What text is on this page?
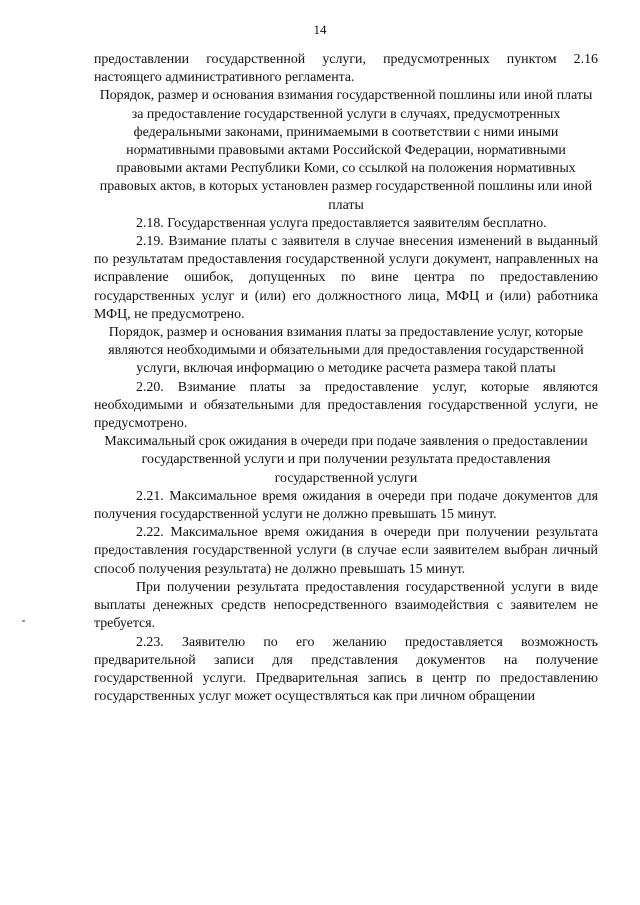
14

предоставлении государственной услуги, предусмотренных пунктом 2.16 настоящего административного регламента.

Порядок, размер и основания взимания государственной пошлины или иной платы за предоставление государственной услуги в случаях, предусмотренных федеральными законами, принимаемыми в соответствии с ними иными нормативными правовыми актами Российской Федерации, нормативными правовыми актами Республики Коми, со ссылкой на положения нормативных правовых актов, в которых установлен размер государственной пошлины или иной платы

2.18. Государственная услуга предоставляется заявителям бесплатно.

2.19. Взимание платы с заявителя в случае внесения изменений в выданный по результатам предоставления государственной услуги документ, направленных на исправление ошибок, допущенных по вине центра по предоставлению государственных услуг и (или) его должностного лица, МФЦ и (или) работника МФЦ, не предусмотрено.

Порядок, размер и основания взимания платы за предоставление услуг, которые являются необходимыми и обязательными для предоставления государственной услуги, включая информацию о методике расчета размера такой платы

2.20. Взимание платы за предоставление услуг, которые являются необходимыми и обязательными для предоставления государственной услуги, не предусмотрено.

Максимальный срок ожидания в очереди при подаче заявления о предоставлении государственной услуги и при получении результата предоставления государственной услуги

2.21. Максимальное время ожидания в очереди при подаче документов для получения государственной услуги не должно превышать 15 минут.

2.22. Максимальное время ожидания в очереди при получении результата предоставления государственной услуги (в случае если заявителем выбран личный способ получения результата) не должно превышать 15 минут.

При получении результата предоставления государственной услуги в виде выплаты денежных средств непосредственного взаимодействия с заявителем не требуется.

2.23. Заявителю по его желанию предоставляется возможность предварительной записи для представления документов на получение государственной услуги. Предварительная запись в центр по предоставлению государственных услуг может осуществляться как при личном обращении
